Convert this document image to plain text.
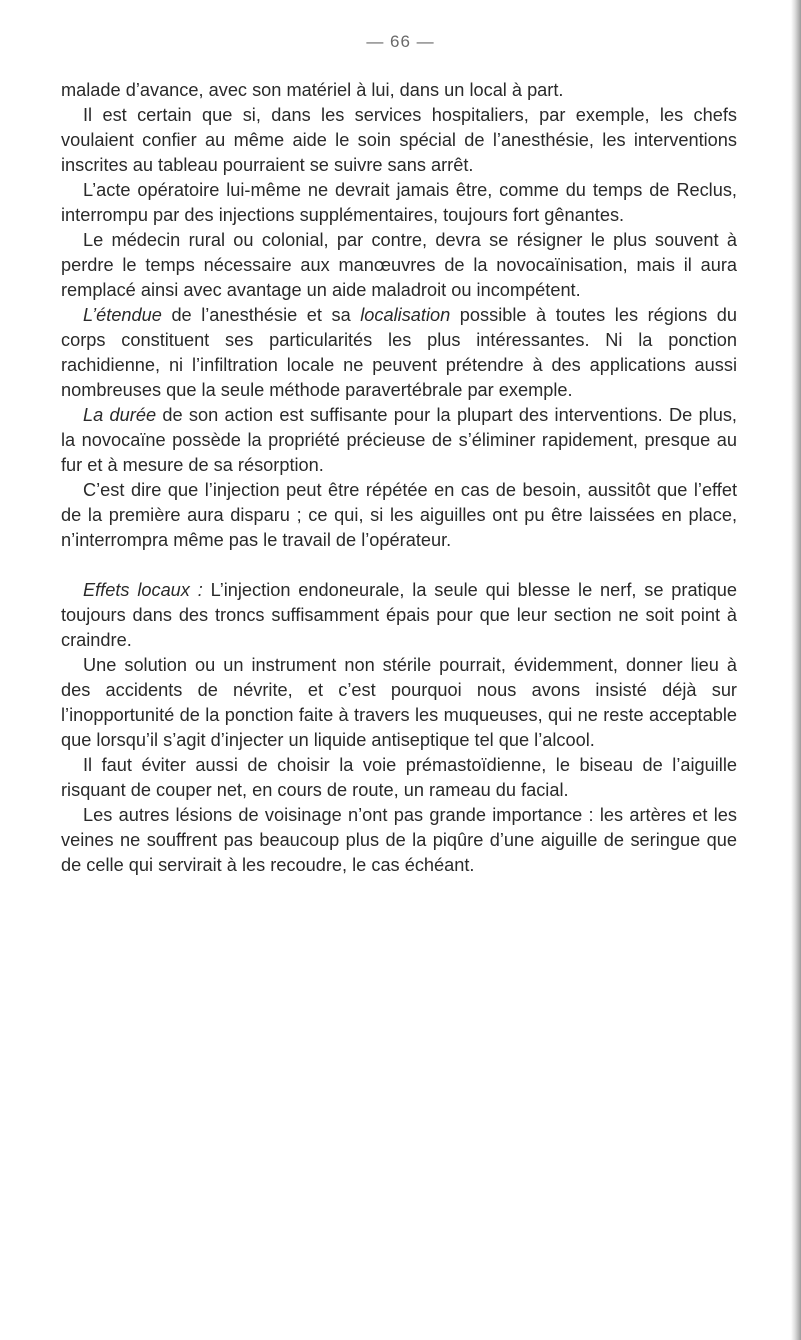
— 66 —

malade d’avance, avec son matériel à lui, dans un local à part.

Il est certain que si, dans les services hospitaliers, par exemple, les chefs voulaient confier au même aide le soin spécial de l’anesthésie, les interventions inscrites au tableau pourraient se suivre sans arrêt.

L’acte opératoire lui-même ne devrait jamais être, comme du temps de Reclus, interrompu par des injections supplémentaires, toujours fort gênantes.

Le médecin rural ou colonial, par contre, devra se résigner le plus souvent à perdre le temps nécessaire aux manœuvres de la novocaïnisation, mais il aura remplacé ainsi avec avantage un aide maladroit ou incompétent.

L’étendue de l’anesthésie et sa localisation possible à toutes les régions du corps constituent ses particularités les plus intéressantes. Ni la ponction rachidienne, ni l’infiltration locale ne peuvent prétendre à des applications aussi nombreuses que la seule méthode paravertébrale par exemple.

La durée de son action est suffisante pour la plupart des interventions. De plus, la novocaïne possède la propriété précieuse de s’éliminer rapidement, presque au fur et à mesure de sa résorption.

C’est dire que l’injection peut être répétée en cas de besoin, aussitôt que l’effet de la première aura disparu ; ce qui, si les aiguilles ont pu être laissées en place, n’interrompra même pas le travail de l’opérateur.

Effets locaux : L’injection endoneurale, la seule qui blesse le nerf, se pratique toujours dans des troncs suffisamment épais pour que leur section ne soit point à craindre.

Une solution ou un instrument non stérile pourrait, évidemment, donner lieu à des accidents de névrite, et c’est pourquoi nous avons insisté déjà sur l’inopportunité de la ponction faite à travers les muqueuses, qui ne reste acceptable que lorsqu’il s’agit d’injecter un liquide antiseptique tel que l’alcool.

Il faut éviter aussi de choisir la voie prémastoïdienne, le biseau de l’aiguille risquant de couper net, en cours de route, un rameau du facial.

Les autres lésions de voisinage n’ont pas grande importance : les artères et les veines ne souffrent pas beaucoup plus de la piqûre d’une aiguille de seringue que de celle qui servirait à les recoudre, le cas échéant.
